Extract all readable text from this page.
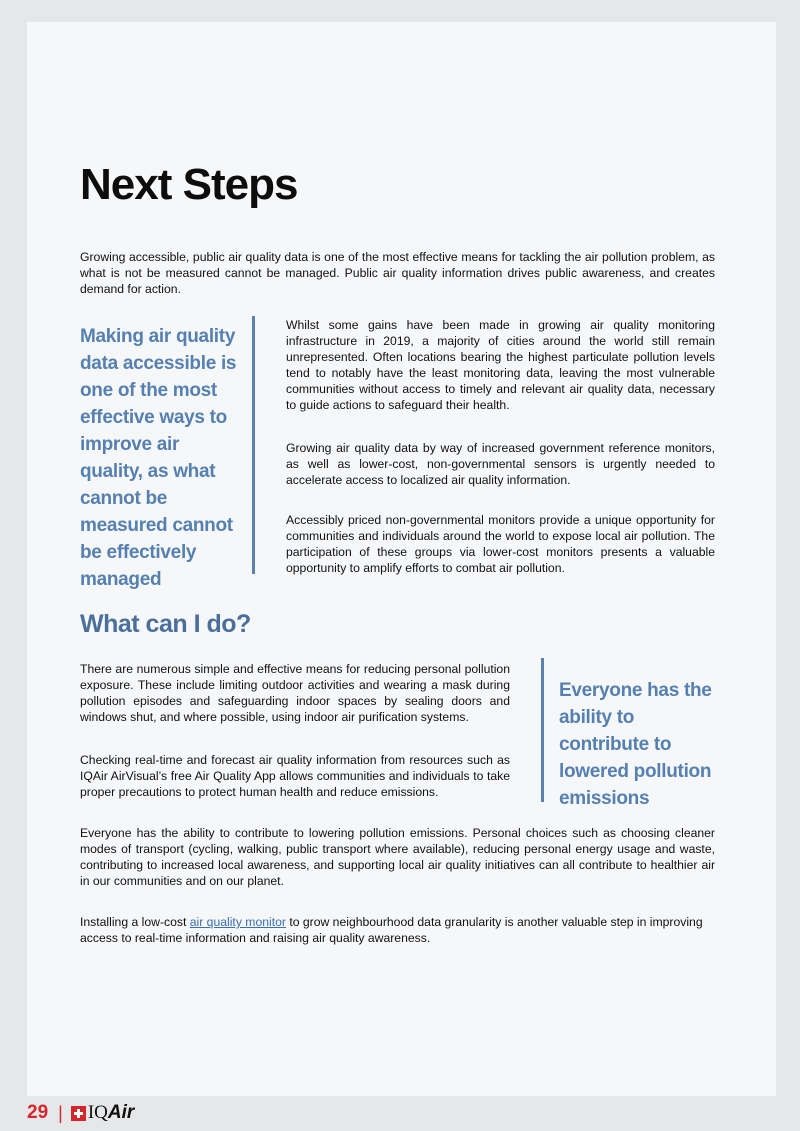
Next Steps

Growing accessible, public air quality data is one of the most effective means for tackling the air pollution problem, as what is not be measured cannot be managed. Public air quality information drives public awareness, and creates demand for action.

Making air quality data accessible is one of the most effective ways to improve air quality, as what cannot be measured cannot be effectively managed

Whilst some gains have been made in growing air quality monitoring infrastructure in 2019, a majority of cities around the world still remain unrepresented. Often locations bearing the highest particulate pollution levels tend to notably have the least monitoring data, leaving the most vulnerable communities without access to timely and relevant air quality data, necessary to guide actions to safeguard their health.

Growing air quality data by way of increased government reference monitors, as well as lower-cost, non-governmental sensors is urgently needed to accelerate access to localized air quality information.

Accessibly priced non-governmental monitors provide a unique opportunity for communities and individuals around the world to expose local air pollution. The participation of these groups via lower-cost monitors presents a valuable opportunity to amplify efforts to combat air pollution.

What can I do?

There are numerous simple and effective means for reducing personal pollution exposure. These include limiting outdoor activities and wearing a mask during pollution episodes and safeguarding indoor spaces by sealing doors and windows shut, and where possible, using indoor air purification systems.

Checking real-time and forecast air quality information from resources such as IQAir AirVisual’s free Air Quality App allows communities and individuals to take proper precautions to protect human health and reduce emissions.

Everyone has the ability to contribute to lowered pollution emissions

Everyone has the ability to contribute to lowering pollution emissions. Personal choices such as choosing cleaner modes of transport (cycling, walking, public transport where available), reducing personal energy usage and waste, contributing to increased local awareness, and supporting local air quality initiatives can all contribute to healthier air in our communities and on our planet.

Installing a low-cost air quality monitor to grow neighbourhood data granularity is another valuable step in improving access to real-time information and raising air quality awareness.

29 | IQ Air
